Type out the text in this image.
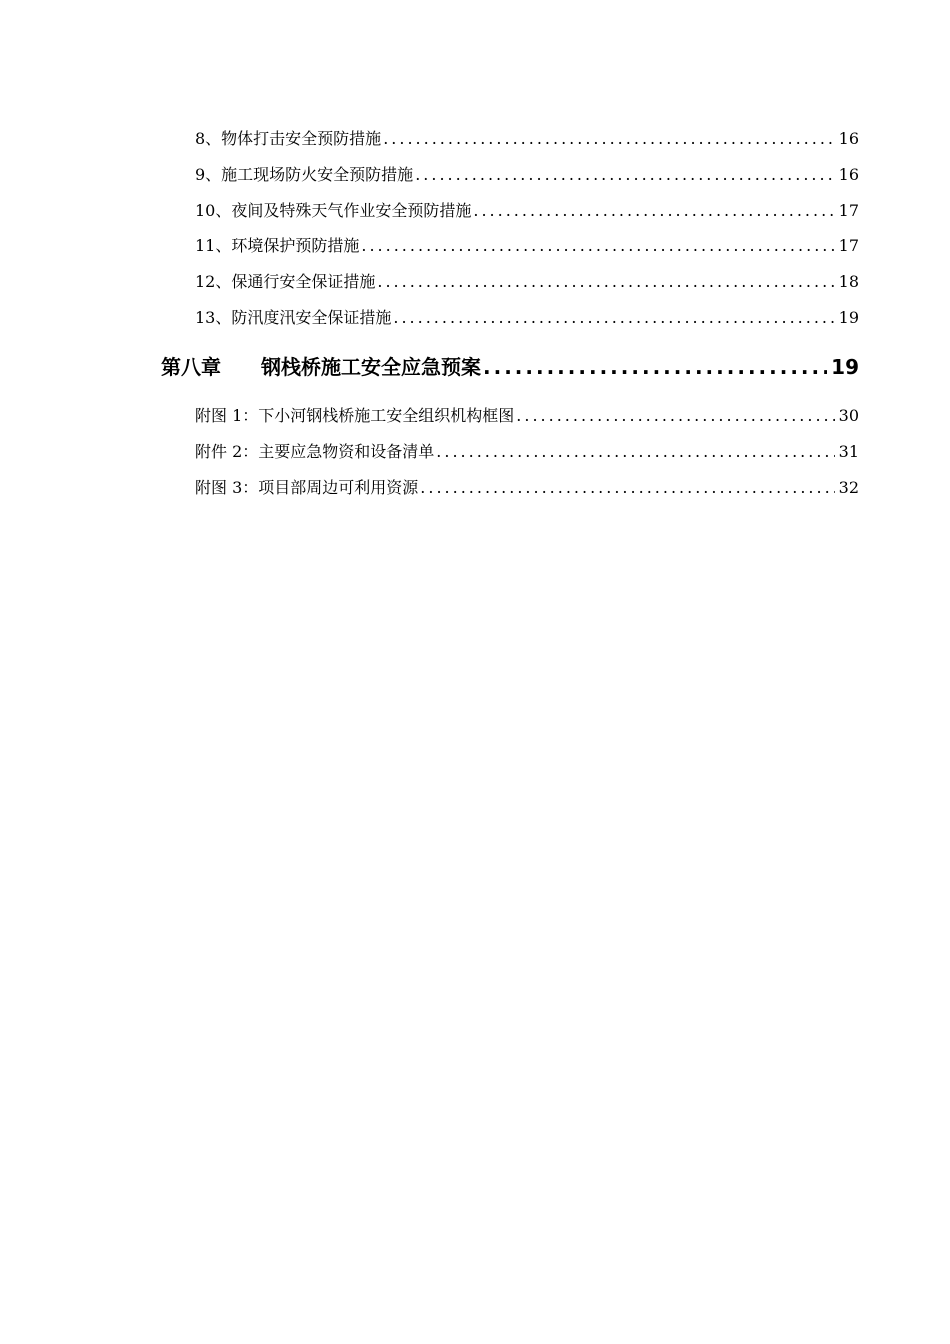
8、物体打击安全预防措施 .....	16
9、施工现场防火安全预防措施 .....	16
10、夜间及特殊天气作业安全预防措施 .....	17
11、环境保护预防措施 .....	17
12、保通行安全保证措施 .....	18
13、防汛度汛安全保证措施 .....	19
第八章 钢栈桥施工安全应急预案 .....	19
附图 1：下小河钢栈桥施工安全组织机构框图 .....	30
附件 2：主要应急物资和设备清单 .....	31
附图 3：项目部周边可利用资源 .....	32
